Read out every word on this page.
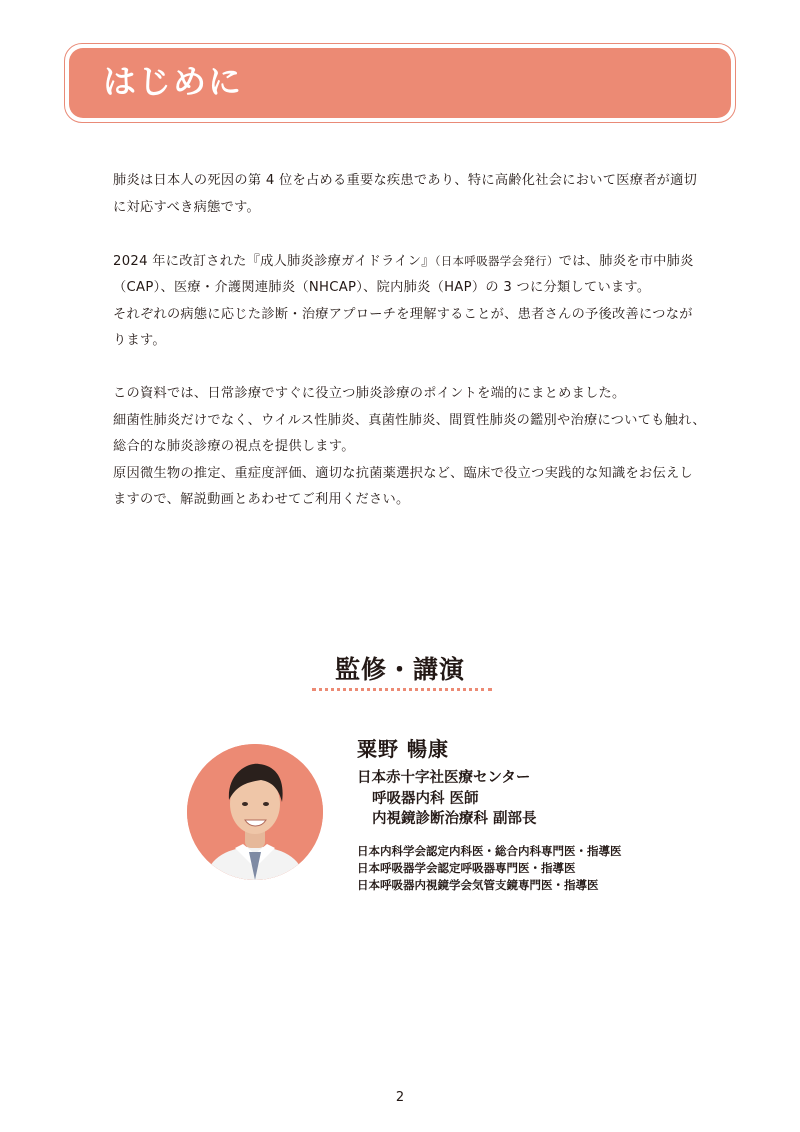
はじめに

肺炎は日本人の死因の第 4 位を占める重要な疾患であり、特に高齢化社会において医療者が適切
に対応すべき病態です。

2024 年に改訂された『成人肺炎診療ガイドライン』（日本呼吸器学会発行）では、肺炎を市中肺炎
（CAP）、医療・介護関連肺炎（NHCAP）、院内肺炎（HAP）の 3 つに分類しています。
それぞれの病態に応じた診断・治療アプローチを理解することが、患者さんの予後改善につなが
ります。

この資料では、日常診療ですぐに役立つ肺炎診療のポイントを端的にまとめました。
細菌性肺炎だけでなく、ウイルス性肺炎、真菌性肺炎、間質性肺炎の鑑別や治療についても触れ、
総合的な肺炎診療の視点を提供します。
原因微生物の推定、重症度評価、適切な抗菌薬選択など、臨床で役立つ実践的な知識をお伝えし
ますので、解説動画とあわせてご利用ください。

監修・講演
粟野 暢康
日本赤十字社医療センター
呼吸器内科 医師
内視鏡診断治療科 副部長
日本内科学会認定内科医・総合内科専門医・指導医
日本呼吸器学会認定呼吸器専門医・指導医
日本呼吸器内視鏡学会気管支鏡専門医・指導医
2
